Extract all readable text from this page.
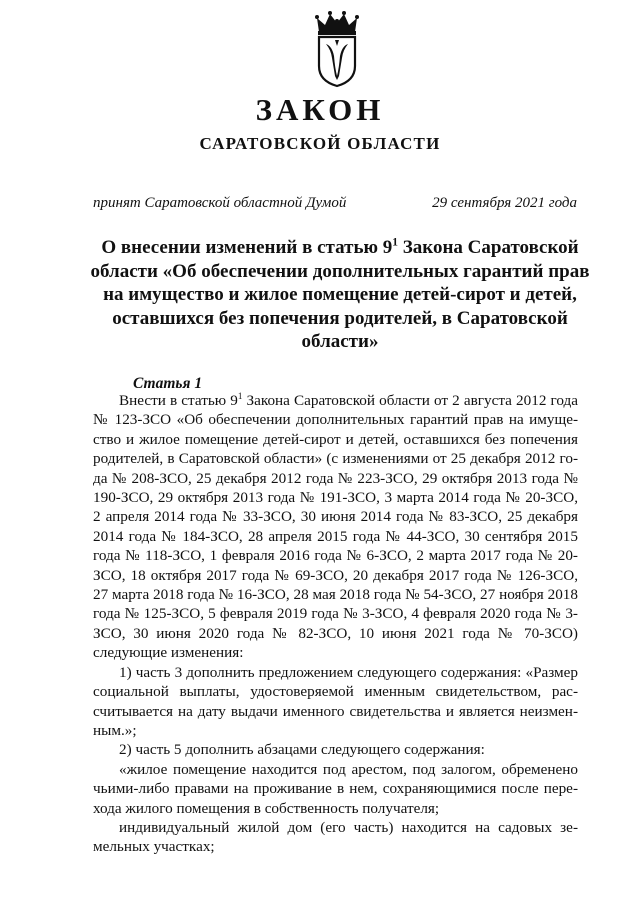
ЗАКОН
САРАТОВСКОЙ ОБЛАСТИ
принят Саратовской областной Думой	29 сентября 2021 года
О внесении изменений в статью $9^1$ Закона Саратовской области «Об обеспечении дополнительных гарантий прав на имущество и жилое помещение детей-сирот и детей, оставшихся без попечения родителей, в Саратовской области»
Статья 1

Внести в статью $9^1$ Закона Саратовской области от 2 августа 2012 года № 123-ЗСО «Об обеспечении дополнительных гарантий прав на имущество и жилое помещение детей-сирот и детей, оставшихся без попечения родителей, в Саратовской области» (с изменениями от 25 декабря 2012 года № 208-ЗСО, 25 декабря 2012 года № 223-ЗСО, 29 октября 2013 года № 190-ЗСО, 29 октября 2013 года № 191-ЗСО, 3 марта 2014 года № 20-ЗСО, 2 апреля 2014 года № 33-ЗСО, 30 июня 2014 года № 83-ЗСО, 25 декабря 2014 года № 184-ЗСО, 28 апреля 2015 года № 44-ЗСО, 30 сентября 2015 года № 118-ЗСО, 1 февраля 2016 года № 6-ЗСО, 2 марта 2017 года № 20-ЗСО, 18 октября 2017 года № 69-ЗСО, 20 декабря 2017 года № 126-ЗСО, 27 марта 2018 года № 16-ЗСО, 28 мая 2018 года № 54-ЗСО, 27 ноября 2018 года № 125-ЗСО, 5 февраля 2019 года № 3-ЗСО, 4 февраля 2020 года № 3-ЗСО, 30 июня 2020 года № 82-ЗСО, 10 июня 2021 года № 70-ЗСО) следующие изменения:

1) часть 3 дополнить предложением следующего содержания: «Размер социальной выплаты, удостоверяемой именным свидетельством, рассчитывается на дату выдачи именного свидетельства и является неизменным.»;

2) часть 5 дополнить абзацами следующего содержания:

«жилое помещение находится под арестом, под залогом, обременено чьими-либо правами на проживание в нем, сохраняющимися после перехода жилого помещения в собственность получателя;

индивидуальный жилой дом (его часть) находится на садовых земельных участках;
